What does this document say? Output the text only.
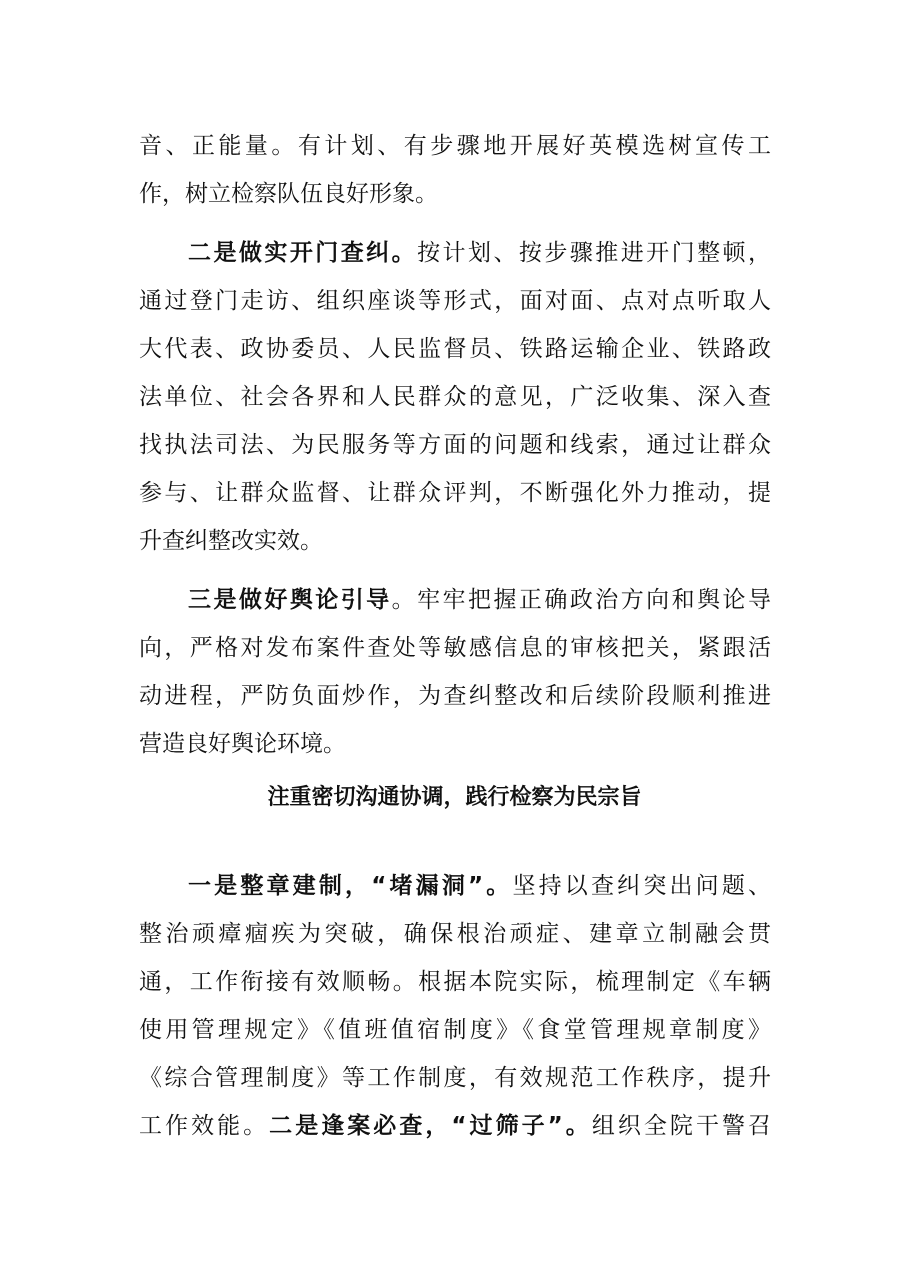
音、正能量。有计划、有步骤地开展好英模选树宣传工
作，树立检察队伍良好形象。
二是做实开门查纠。按计划、按步骤推进开门整顿，
通过登门走访、组织座谈等形式，面对面、点对点听取人
大代表、政协委员、人民监督员、铁路运输企业、铁路政
法单位、社会各界和人民群众的意见，广泛收集、深入查
找执法司法、为民服务等方面的问题和线索，通过让群众
参与、让群众监督、让群众评判，不断强化外力推动，提
升查纠整改实效。
三是做好舆论引导。牢牢把握正确政治方向和舆论导
向，严格对发布案件查处等敏感信息的审核把关，紧跟活
动进程，严防负面炒作，为查纠整改和后续阶段顺利推进
营造良好舆论环境。
注重密切沟通协调，践行检察为民宗旨
一是整章建制，“堵漏洞”。坚持以查纠突出问题、
整治顽瘴痼疾为突破，确保根治顽症、建章立制融会贯
通，工作衔接有效顺畅。根据本院实际，梳理制定《车辆
使用管理规定》《值班值宿制度》《食堂管理规章制度》
《综合管理制度》等工作制度，有效规范工作秩序，提升
工作效能。二是逢案必查，“过筛子”。组织全院干警召
